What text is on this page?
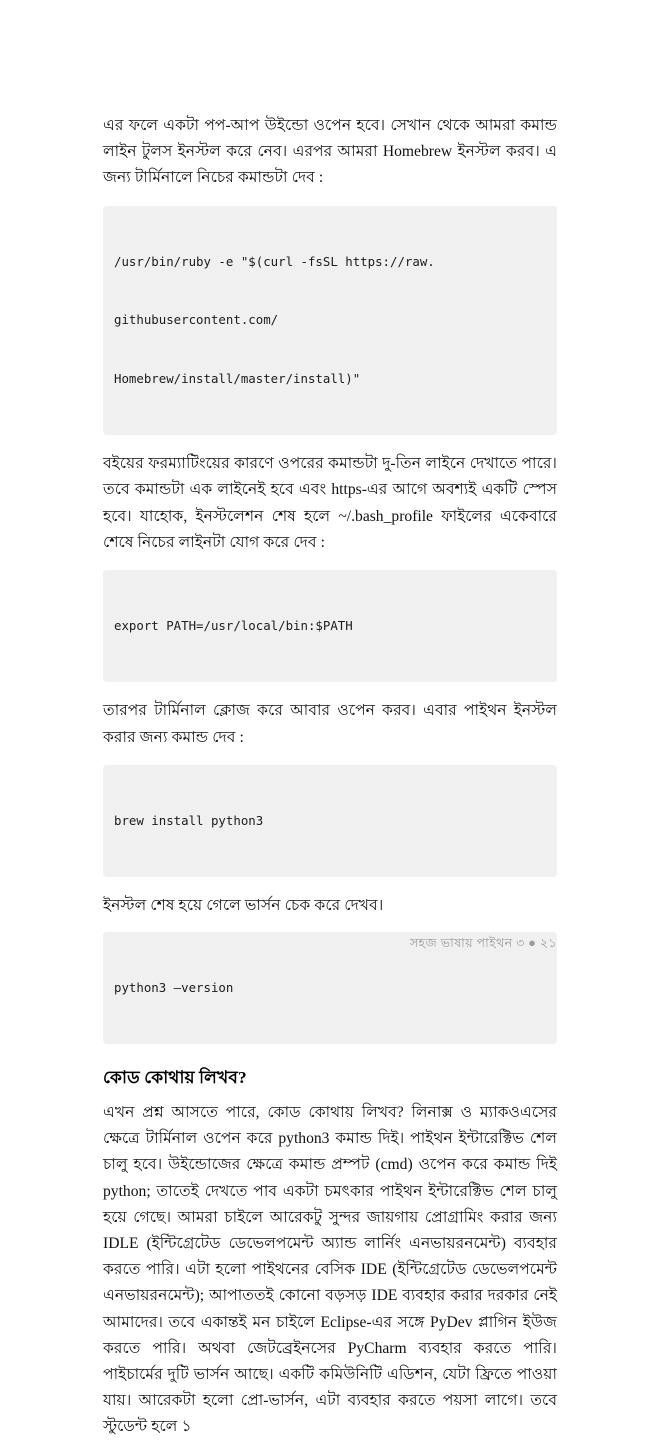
এর ফলে একটা পপ-আপ উইন্ডো ওপেন হবে। সেখান থেকে আমরা কমান্ড লাইন টুলস ইনস্টল করে নেব। এরপর আমরা Homebrew ইনস্টল করব। এ জন্য টার্মিনালে নিচের কমান্ডটা দেব :

/usr/bin/ruby -e "$(curl -fsSL https://raw.

githubusercontent.com/

Homebrew/install/master/install)"

বইয়ের ফরম্যাটিংয়ের কারণে ওপরের কমান্ডটা দু-তিন লাইনে দেখাতে পারে। তবে কমান্ডটা এক লাইনেই হবে এবং https-এর আগে অবশ্যই একটি স্পেস হবে। যাহোক, ইনস্টলেশন শেষ হলে ~/.bash_profile ফাইলের একেবারে শেষে নিচের লাইনটা যোগ করে দেব :

export PATH=/usr/local/bin:$PATH

তারপর টার্মিনাল ক্লোজ করে আবার ওপেন করব। এবার পাইথন ইনস্টল করার জন্য কমান্ড দেব :

brew install python3

ইনস্টল শেষ হয়ে গেলে ভার্সন চেক করে দেখব।

python3 –version

কোড কোথায় লিখব?

এখন প্রশ্ন আসতে পারে, কোড কোথায় লিখব? লিনাক্স ও ম্যাকওএসের ক্ষেত্রে টার্মিনাল ওপেন করে python3 কমান্ড দিই। পাইথন ইন্টারেক্টিভ শেল চালু হবে। উইন্ডোজের ক্ষেত্রে কমান্ড প্রম্পট (cmd) ওপেন করে কমান্ড দিই python; তাতেই দেখতে পাব একটা চমৎকার পাইথন ইন্টারেক্টিভ শেল চালু হয়ে গেছে। আমরা চাইলে আরেকটু সুন্দর জায়গায় প্রোগ্রামিং করার জন্য IDLE (ইন্টিগ্রেটেড ডেভেলপমেন্ট অ্যান্ড লার্নিং এনভায়রনমেন্ট) ব্যবহার করতে পারি। এটা হলো পাইথনের বেসিক IDE (ইন্টিগ্রেটেড ডেভেলপমেন্ট এনভায়রনমেন্ট); আপাততই কোনো বড়সড় IDE ব্যবহার করার দরকার নেই আমাদের। তবে একান্তই মন চাইলে Eclipse-এর সঙ্গে PyDev প্লাগিন ইউজ করতে পারি। অথবা জেটব্রেইনসের PyCharm ব্যবহার করতে পারি। পাইচার্মের দুটি ভার্সন আছে। একটি কমিউনিটি এডিশন, যেটা ফ্রিতে পাওয়া যায়। আরেকটা হলো প্রো-ভার্সন, এটা ব্যবহার করতে পয়সা লাগে। তবে স্টুডেন্ট হলে ১

সহজ ভাষায় পাইথন ৩ ● ২১
